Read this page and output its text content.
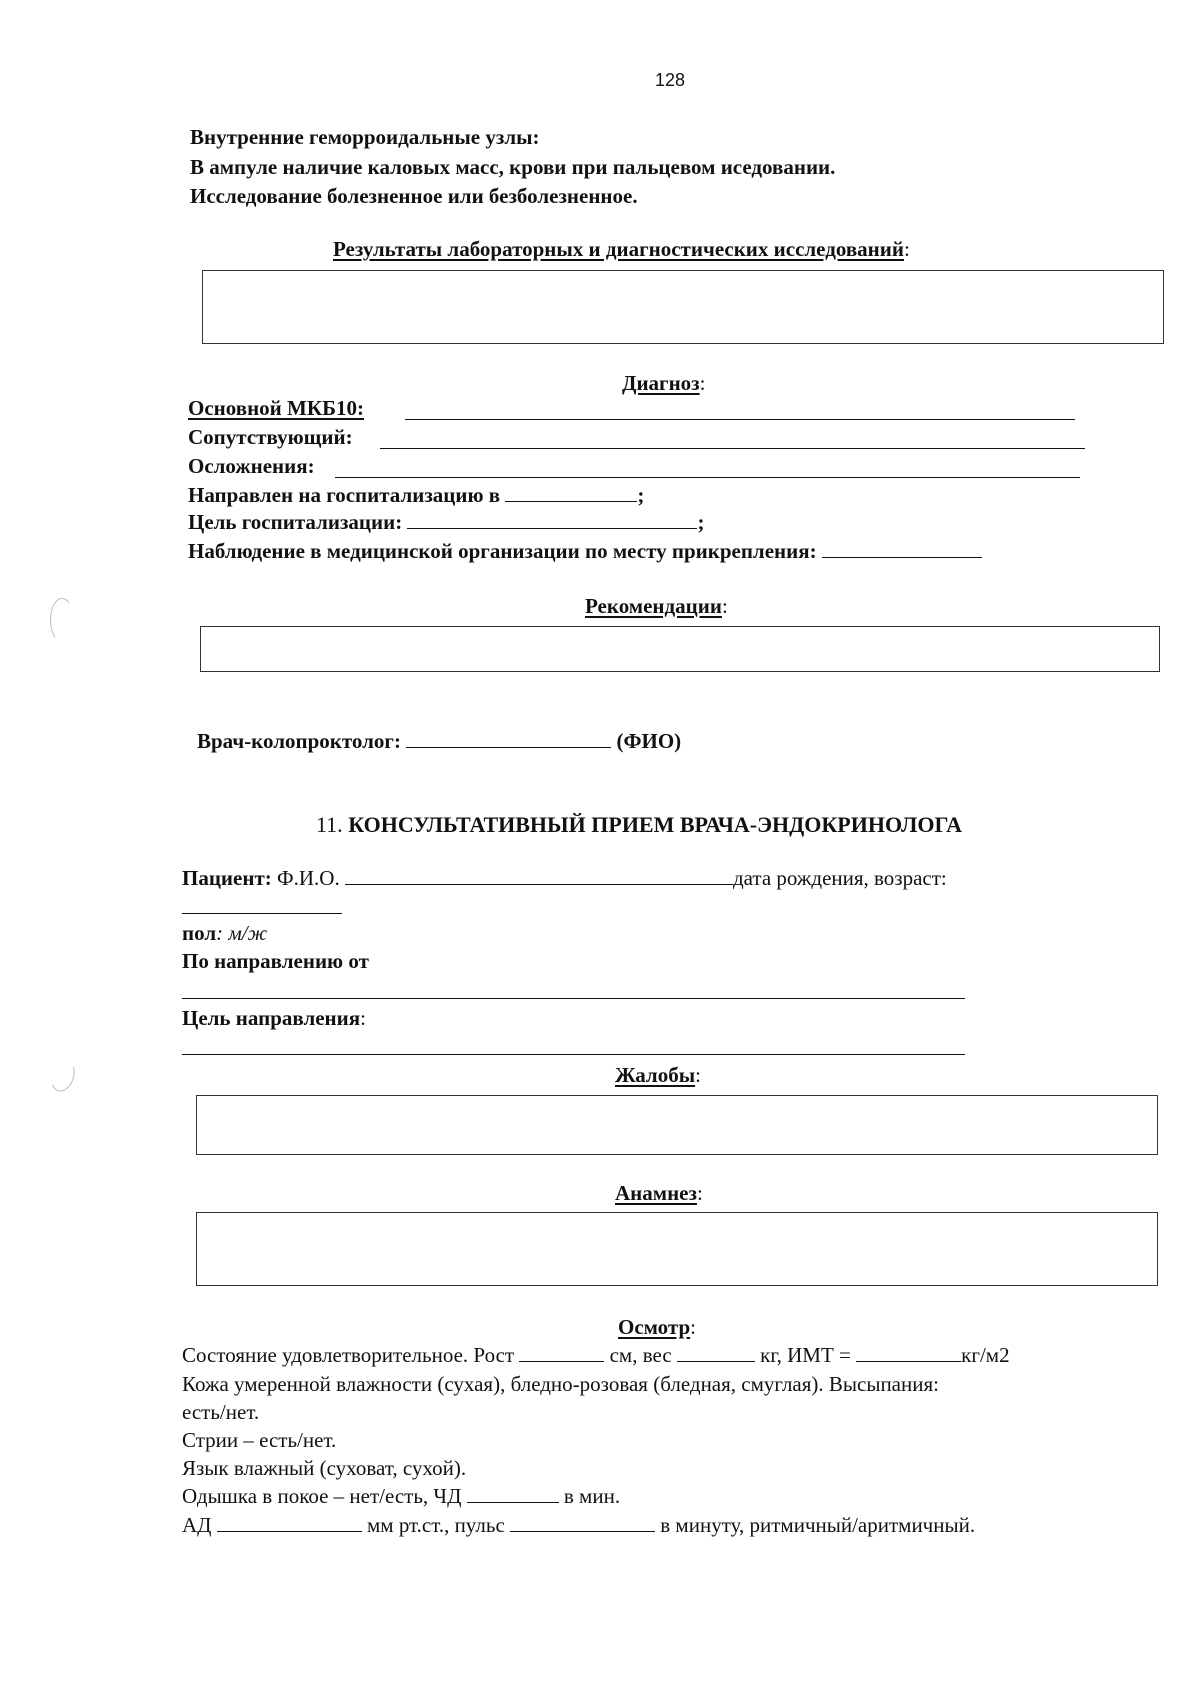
128
Внутренние геморроидальные узлы:
В ампуле наличие каловых масс, крови при пальцевом иседовании.
Исследование болезненное или безболезненное.
Результаты лабораторных и диагностических исследований:
Диагноз:
Основной МКБ10:
Сопутствующий:
Осложнения:
Направлен на госпитализацию в	;
Цель госпитализации:	;
Наблюдение в медицинской организации по месту прикрепления:
Рекомендации:
Врач-колопроктолог:	(ФИО)
11. КОНСУЛЬТАТИВНЫЙ ПРИЕМ ВРАЧА-ЭНДОКРИНОЛОГА
Пациент: Ф.И.О.	дата рождения, возраст:
пол: м/ж
По направлению от
Цель направления:
Жалобы:
Анамнез:
Осмотр:
Состояние удовлетворительное. Рост	см, вес	кг, ИМТ =	кг/м2
Кожа умеренной влажности (сухая), бледно-розовая (бледная, смуглая). Высыпания:
есть/нет.
Стрии – есть/нет.
Язык влажный (суховат, сухой).
Одышка в покое – нет/есть, ЧД	в мин.
АД	мм рт.ст., пульс	в минуту, ритмичный/аритмичный.
